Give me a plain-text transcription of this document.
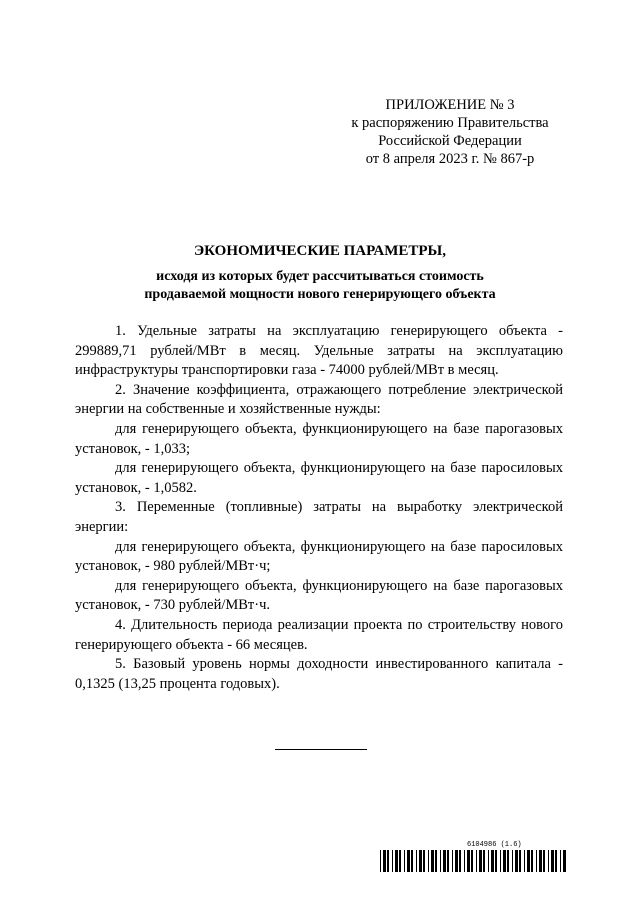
ПРИЛОЖЕНИЕ № 3
к распоряжению Правительства
Российской Федерации
от 8 апреля 2023 г. № 867-р
ЭКОНОМИЧЕСКИЕ ПАРАМЕТРЫ,
исходя из которых будет рассчитываться стоимость
продаваемой мощности нового генерирующего объекта

1. Удельные затраты на эксплуатацию генерирующего объекта - 299889,71 рублей/МВт в месяц. Удельные затраты на эксплуатацию инфраструктуры транспортировки газа - 74000 рублей/МВт в месяц.

2. Значение коэффициента, отражающего потребление электрической энергии на собственные и хозяйственные нужды:

для генерирующего объекта, функционирующего на базе парогазовых установок, - 1,033;

для генерирующего объекта, функционирующего на базе паросиловых установок, - 1,0582.

3. Переменные (топливные) затраты на выработку электрической энергии:

для генерирующего объекта, функционирующего на базе паросиловых установок, - 980 рублей/МВт·ч;

для генерирующего объекта, функционирующего на базе парогазовых установок, - 730 рублей/МВт·ч.

4. Длительность периода реализации проекта по строительству нового генерирующего объекта - 66 месяцев.

5. Базовый уровень нормы доходности инвестированного капитала - 0,1325 (13,25 процента годовых).

6104986 (1.6)
